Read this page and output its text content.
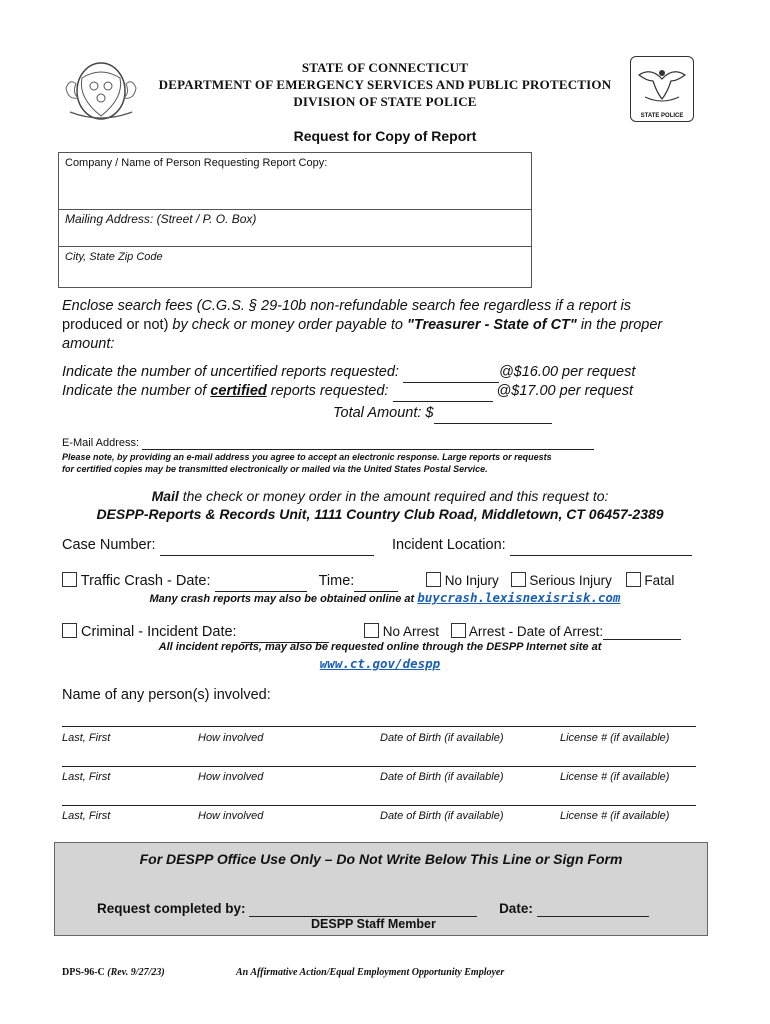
STATE POLICE
STATE OF CONNECTICUT
DEPARTMENT OF EMERGENCY SERVICES AND PUBLIC PROTECTION
DIVISION OF STATE POLICE
Request for Copy of Report
Company / Name of Person Requesting Report Copy:
Mailing Address: (Street / P. O. Box)
City, State Zip Code
Enclose search fees (C.G.S. § 29-10b non-refundable search fee regardless if a report is
produced or not) by check or money order payable to "Treasurer - State of CT" in the proper
amount:
Indicate the number of uncertified reports requested:	@$16.00 per request
Indicate the number of certified reports requested:	@$17.00 per request
Total Amount: $
E-Mail Address:
Please note, by providing an e-mail address you agree to accept an electronic response. Large reports or requests
for certified copies may be transmitted electronically or mailed via the United States Postal Service.
Mail the check or money order in the amount required and this request to:
DESPP-Reports & Records Unit, 1111 Country Club Road, Middletown, CT 06457-2389
Case Number:	Incident Location:
Traffic Crash - Date:	Time:	No Injury Serious Injury Fatal
Many crash reports may also be obtained online at buycrash.lexisnexisrisk.com
Criminal - Incident Date:	No Arrest Arrest - Date of Arrest:
All incident reports, may also be requested online through the DESPP Internet site at
www.ct.gov/despp
Name of any person(s) involved:
Last, First	How involved	Date of Birth (if available)	License # (if available)
Last, First	How involved	Date of Birth (if available)	License # (if available)
Last, First	How involved	Date of Birth (if available)	License # (if available)
For DESPP Office Use Only – Do Not Write Below This Line or Sign Form
Request completed by:	Date:
DESPP Staff Member
DPS-96-C (Rev. 9/27/23)	An Affirmative Action/Equal Employment Opportunity Employer
